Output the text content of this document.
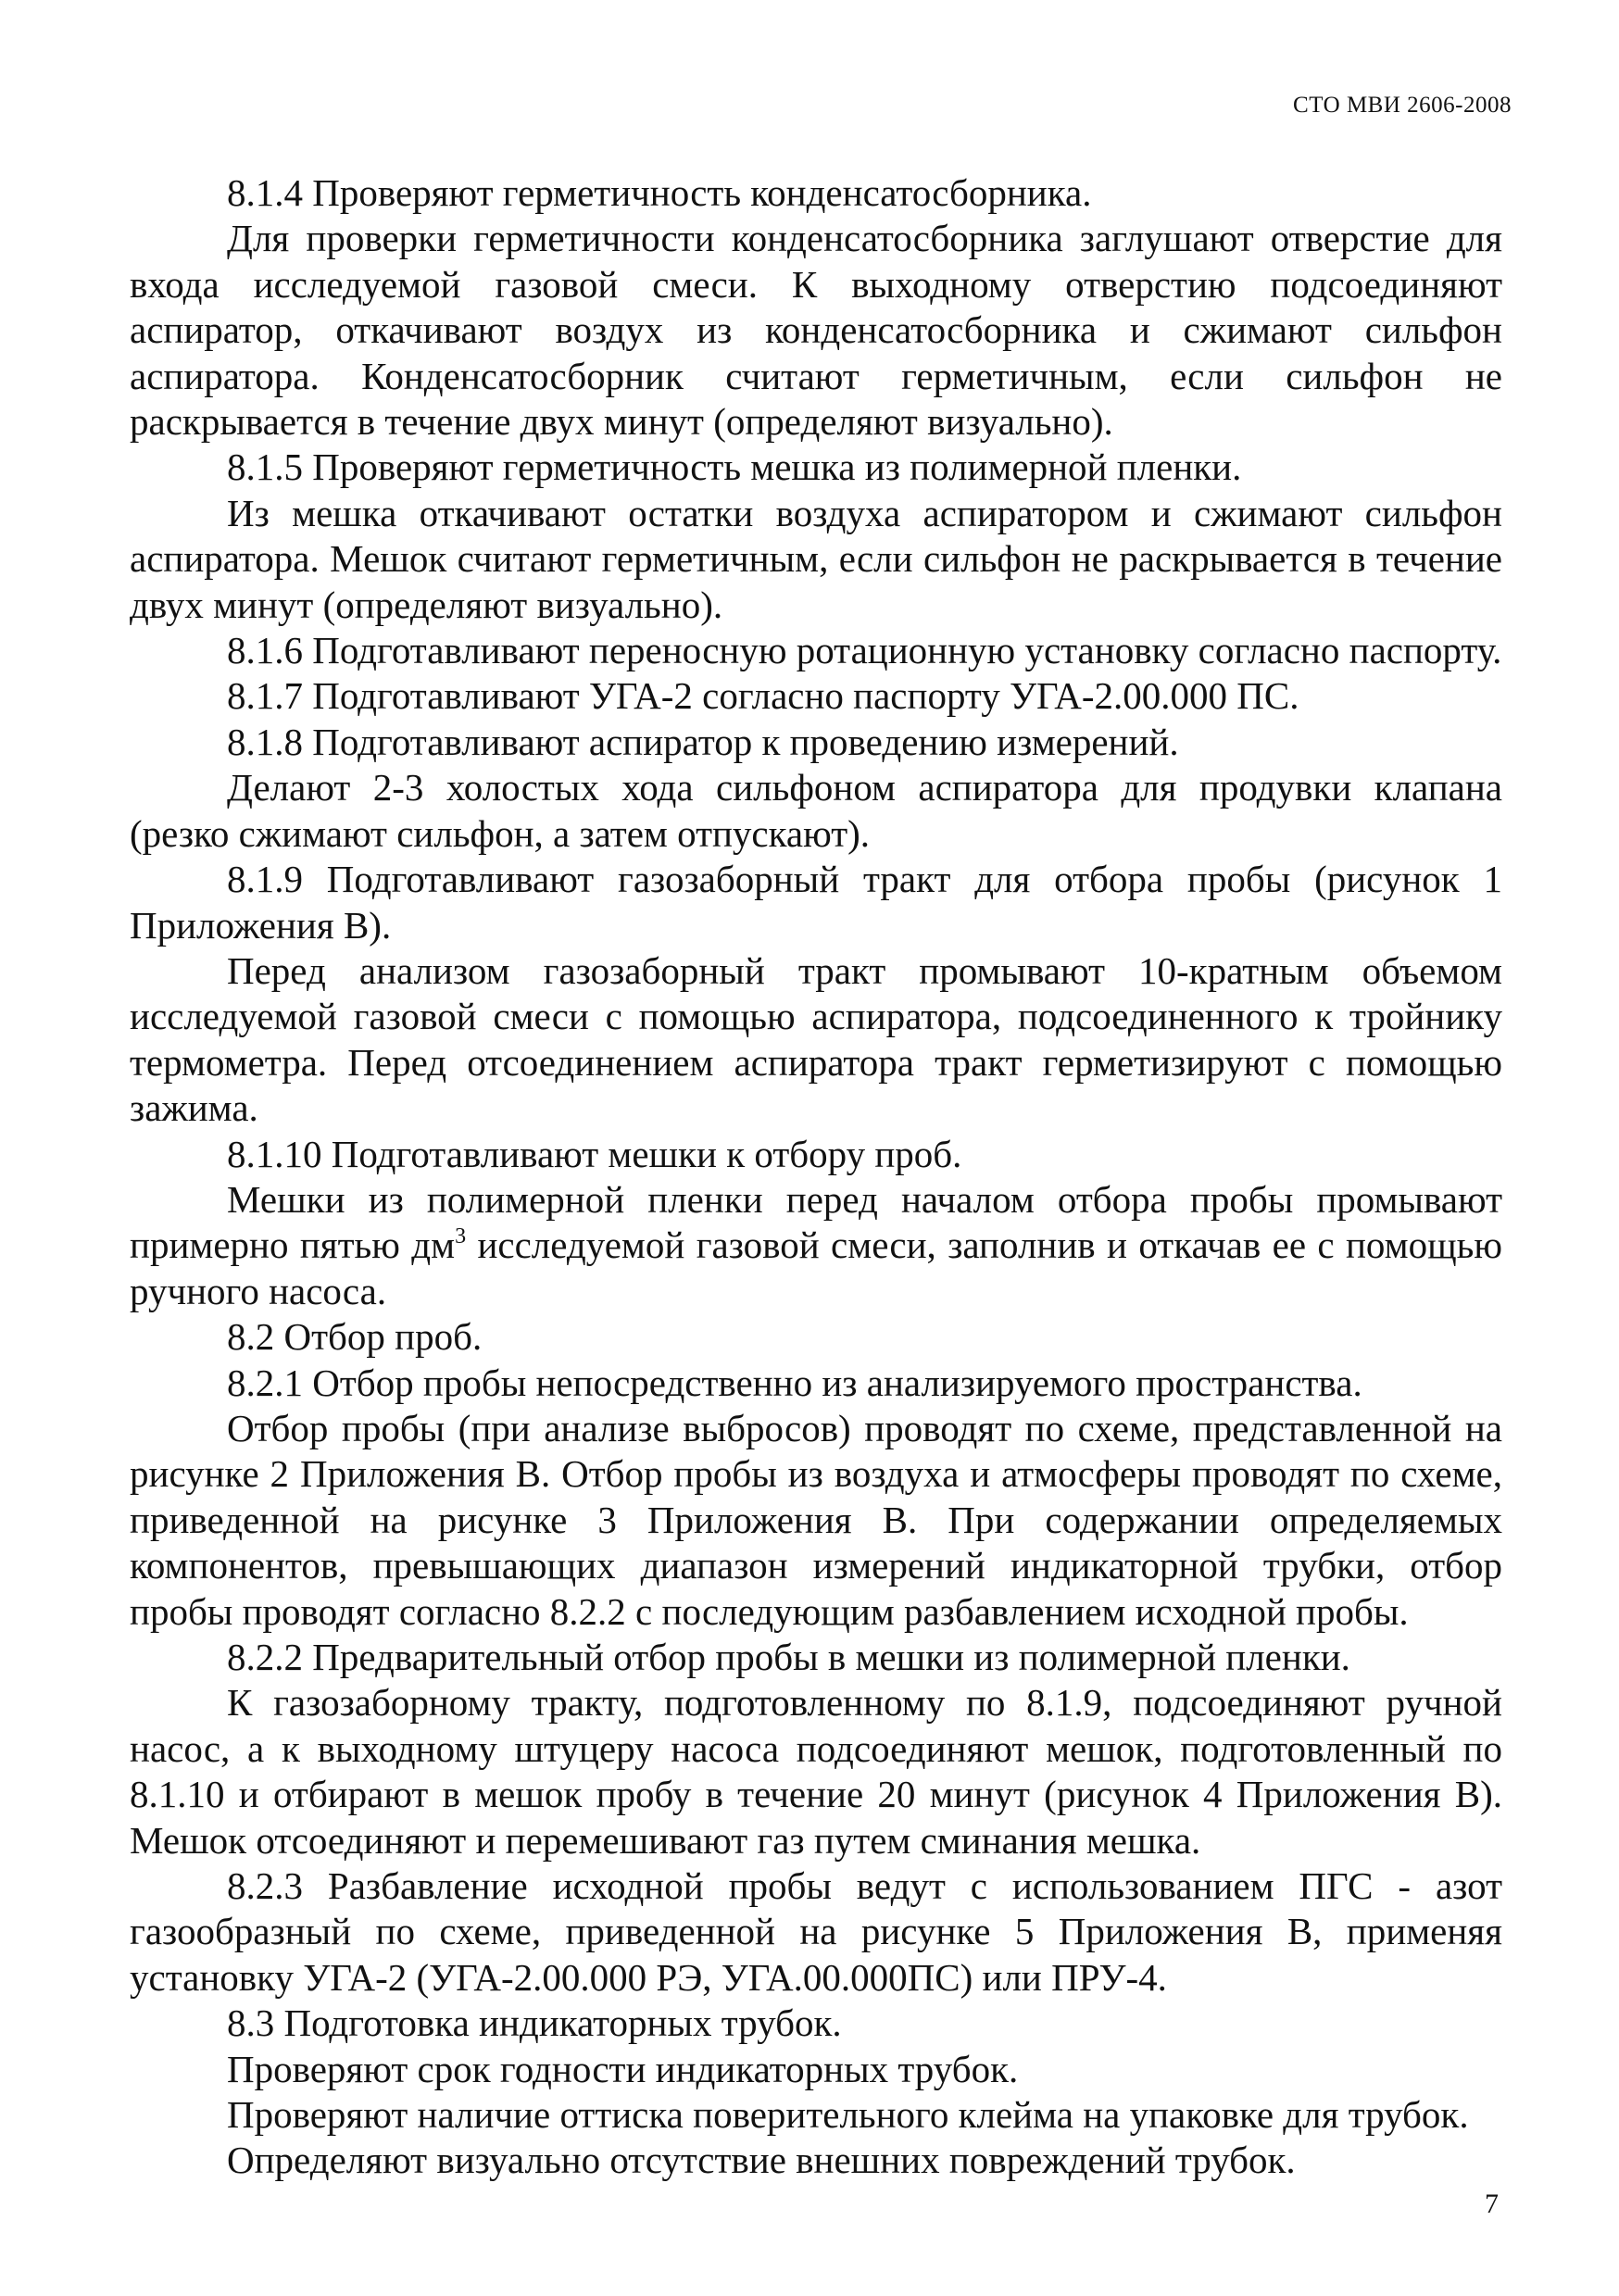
СТО МВИ 2606-2008

8.1.4 Проверяют герметичность конденсатосборника.

Для проверки герметичности конденсатосборника заглушают отверстие для входа исследуемой газовой смеси. К выходному отверстию подсоединяют аспиратор, откачивают воздух из конденсатосборника и сжимают сильфон аспиратора. Конденсатосборник считают герметичным, если сильфон не раскрывается в течение двух минут (определяют визуально).

8.1.5 Проверяют герметичность мешка из полимерной пленки.

Из мешка откачивают остатки воздуха аспиратором и сжимают сильфон аспиратора. Мешок считают герметичным, если сильфон не раскрывается в течение двух минут (определяют визуально).

8.1.6 Подготавливают переносную ротационную установку согласно паспорту.

8.1.7 Подготавливают УГА-2 согласно паспорту УГА-2.00.000 ПС.

8.1.8 Подготавливают аспиратор к проведению измерений.

Делают 2-3 холостых хода сильфоном аспиратора для продувки клапана (резко сжимают сильфон, а затем отпускают).

8.1.9 Подготавливают газозаборный тракт для отбора пробы (рисунок 1 Приложения В).

Перед анализом газозаборный тракт промывают 10-кратным объемом исследуемой газовой смеси с помощью аспиратора, подсоединенного к тройнику термометра. Перед отсоединением аспиратора тракт герметизируют с помощью зажима.

8.1.10 Подготавливают мешки к отбору проб.

Мешки из полимерной пленки перед началом отбора пробы промывают примерно пятью $дм^3$ исследуемой газовой смеси, заполнив и откачав ее с помощью ручного насоса.

8.2 Отбор проб.

8.2.1 Отбор пробы непосредственно из анализируемого пространства.

Отбор пробы (при анализе выбросов) проводят по схеме, представленной на рисунке 2 Приложения В. Отбор пробы из воздуха и атмосферы проводят по схеме, приведенной на рисунке 3 Приложения В. При содержании определяемых компонентов, превышающих диапазон измерений индикаторной трубки, отбор пробы проводят согласно 8.2.2 с последующим разбавлением исходной пробы.

8.2.2 Предварительный отбор пробы в мешки из полимерной пленки.

К газозаборному тракту, подготовленному по 8.1.9, подсоединяют ручной насос, а к выходному штуцеру насоса подсоединяют мешок, подготовленный по 8.1.10 и отбирают в мешок пробу в течение 20 минут (рисунок 4 Приложения В). Мешок отсоединяют и перемешивают газ путем сминания мешка.

8.2.3 Разбавление исходной пробы ведут с использованием ПГС - азот газообразный по схеме, приведенной на рисунке 5 Приложения В, применяя установку УГА-2 (УГА-2.00.000 РЭ, УГА.00.000ПС) или ПРУ-4.

8.3 Подготовка индикаторных трубок.

Проверяют срок годности индикаторных трубок.

Проверяют наличие оттиска поверительного клейма на упаковке для трубок.

Определяют визуально отсутствие внешних повреждений трубок.

7
